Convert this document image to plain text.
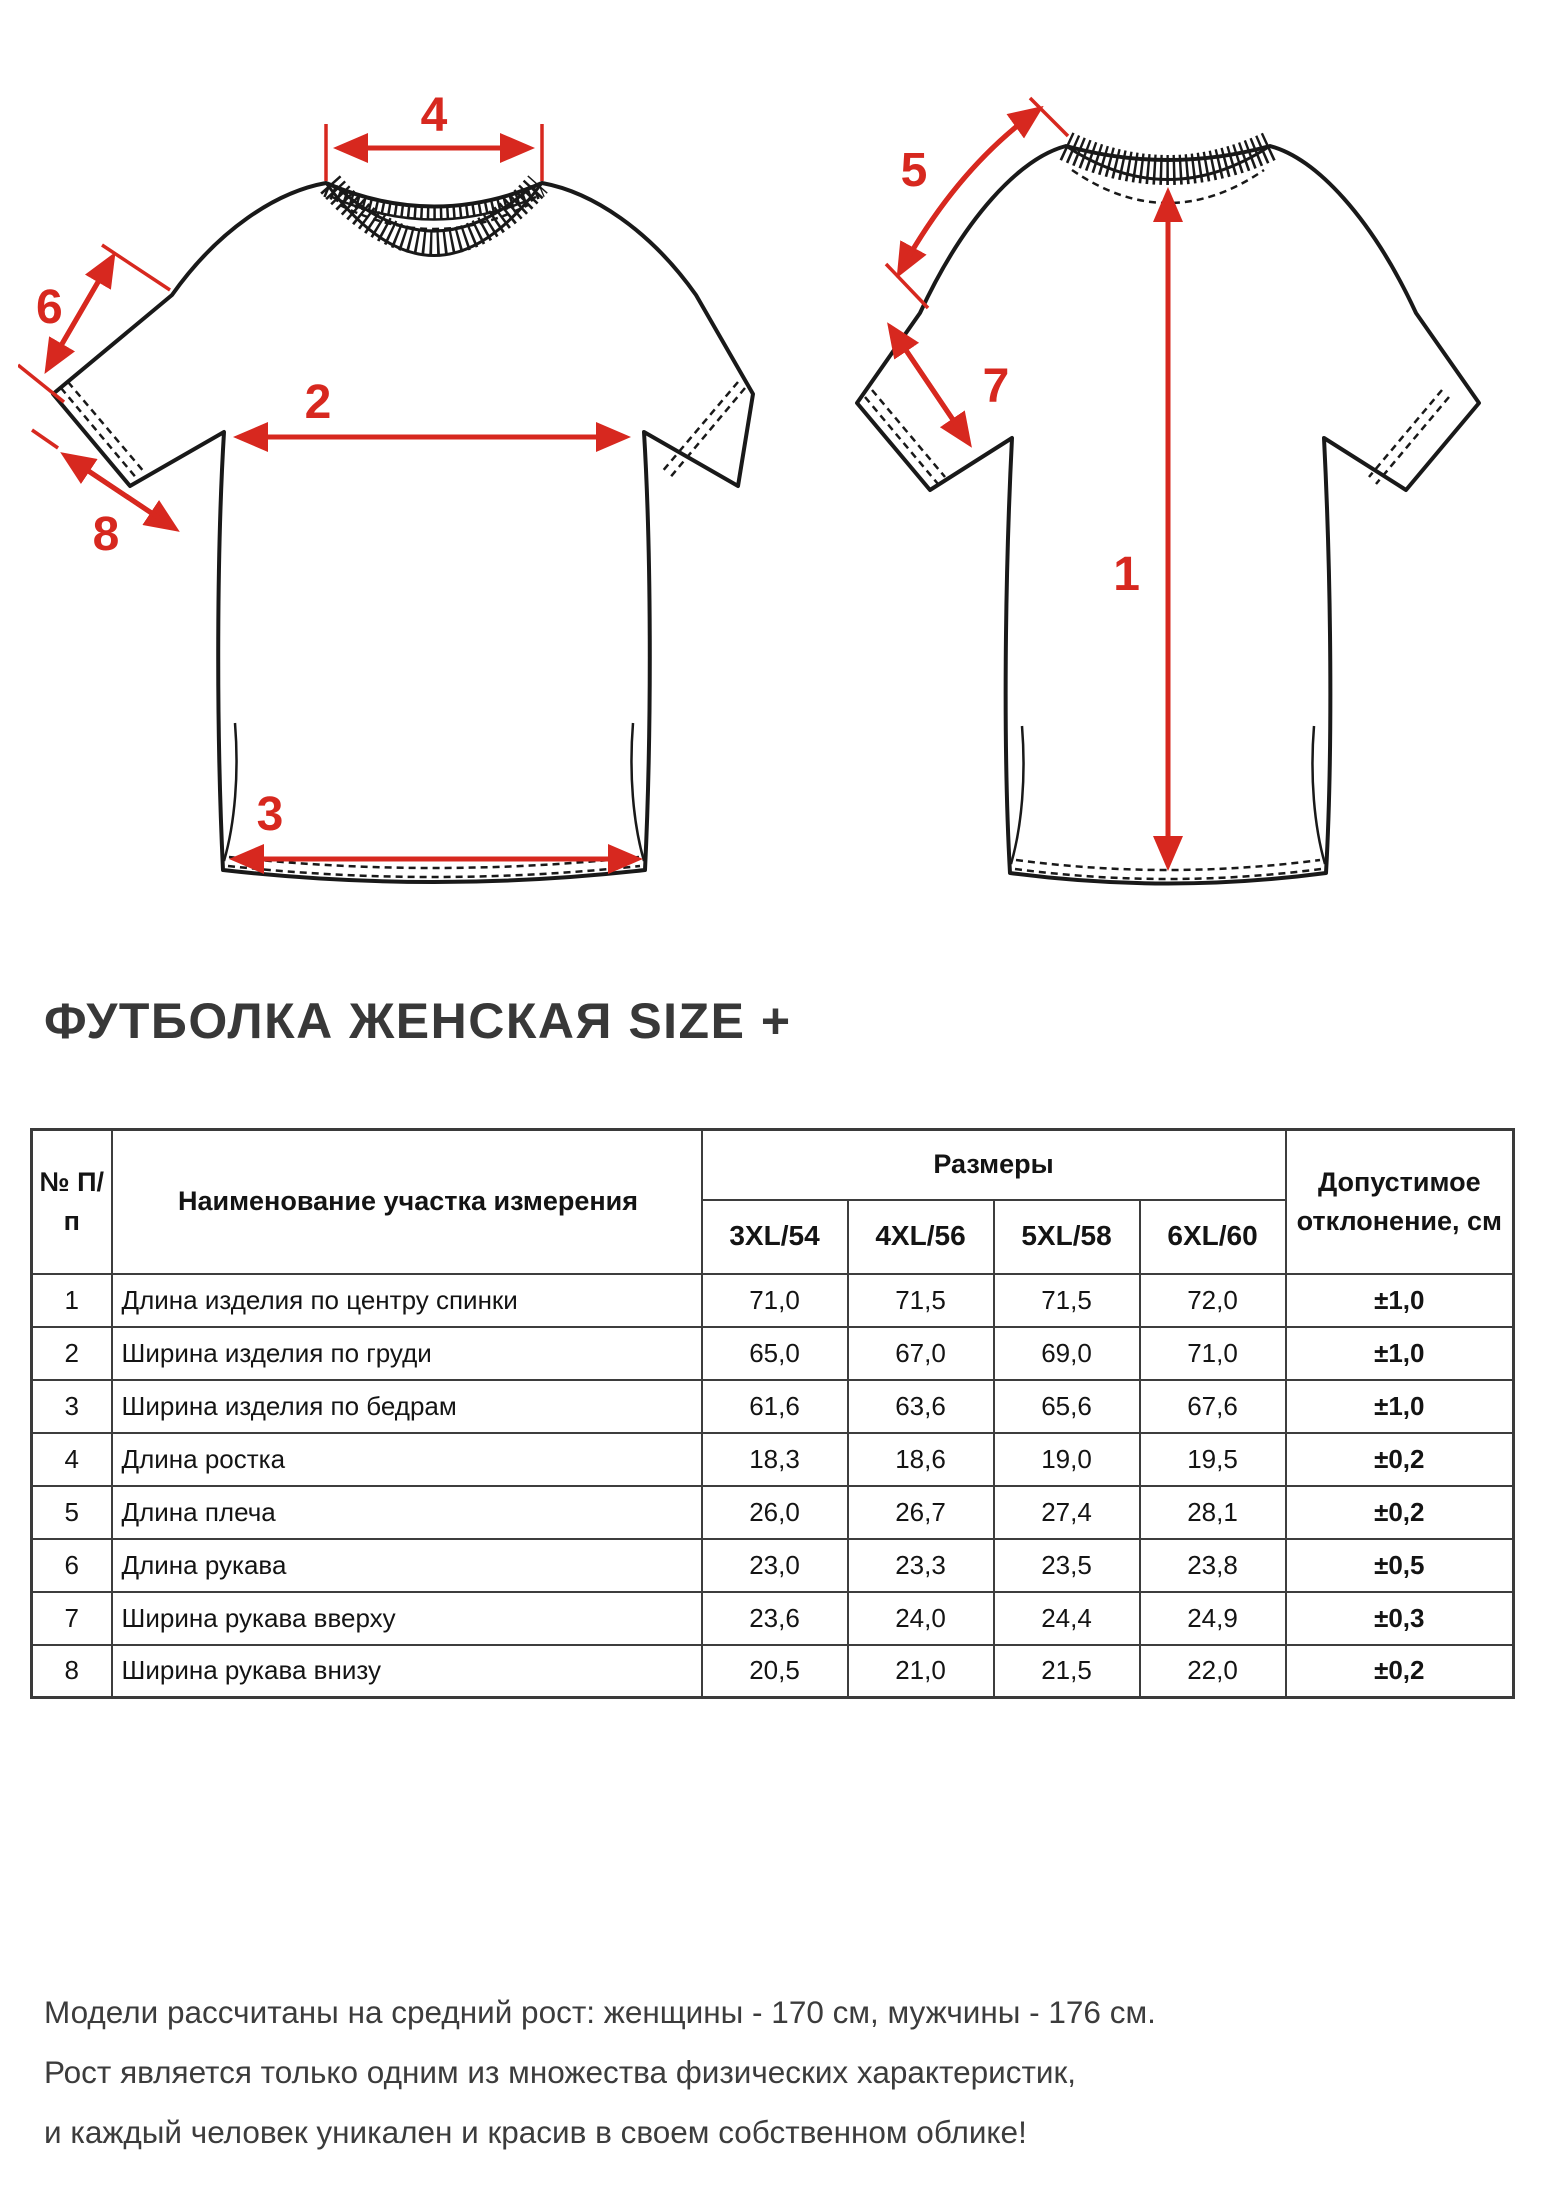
4
6
2
8
3
5
7
1
ФУТБОЛКА ЖЕНСКАЯ SIZE +
№ П/п	Наименование участка измерения	Размеры				Допустимое отклонение, см
		3XL/54	4XL/56	5XL/58	6XL/60	
1	Длина изделия по центру спинки	71,0	71,5	71,5	72,0	±1,0
2	Ширина изделия по груди	65,0	67,0	69,0	71,0	±1,0
3	Ширина изделия по бедрам	61,6	63,6	65,6	67,6	±1,0
4	Длина ростка	18,3	18,6	19,0	19,5	±0,2
5	Длина плеча	26,0	26,7	27,4	28,1	±0,2
6	Длина рукава	23,0	23,3	23,5	23,8	±0,5
7	Ширина рукава вверху	23,6	24,0	24,4	24,9	±0,3
8	Ширина рукава внизу	20,5	21,0	21,5	22,0	±0,2
Модели рассчитаны на средний рост: женщины - 170 см, мужчины - 176 см.
Рост является только одним из множества физических характеристик,
и каждый человек уникален и красив в своем собственном облике!
